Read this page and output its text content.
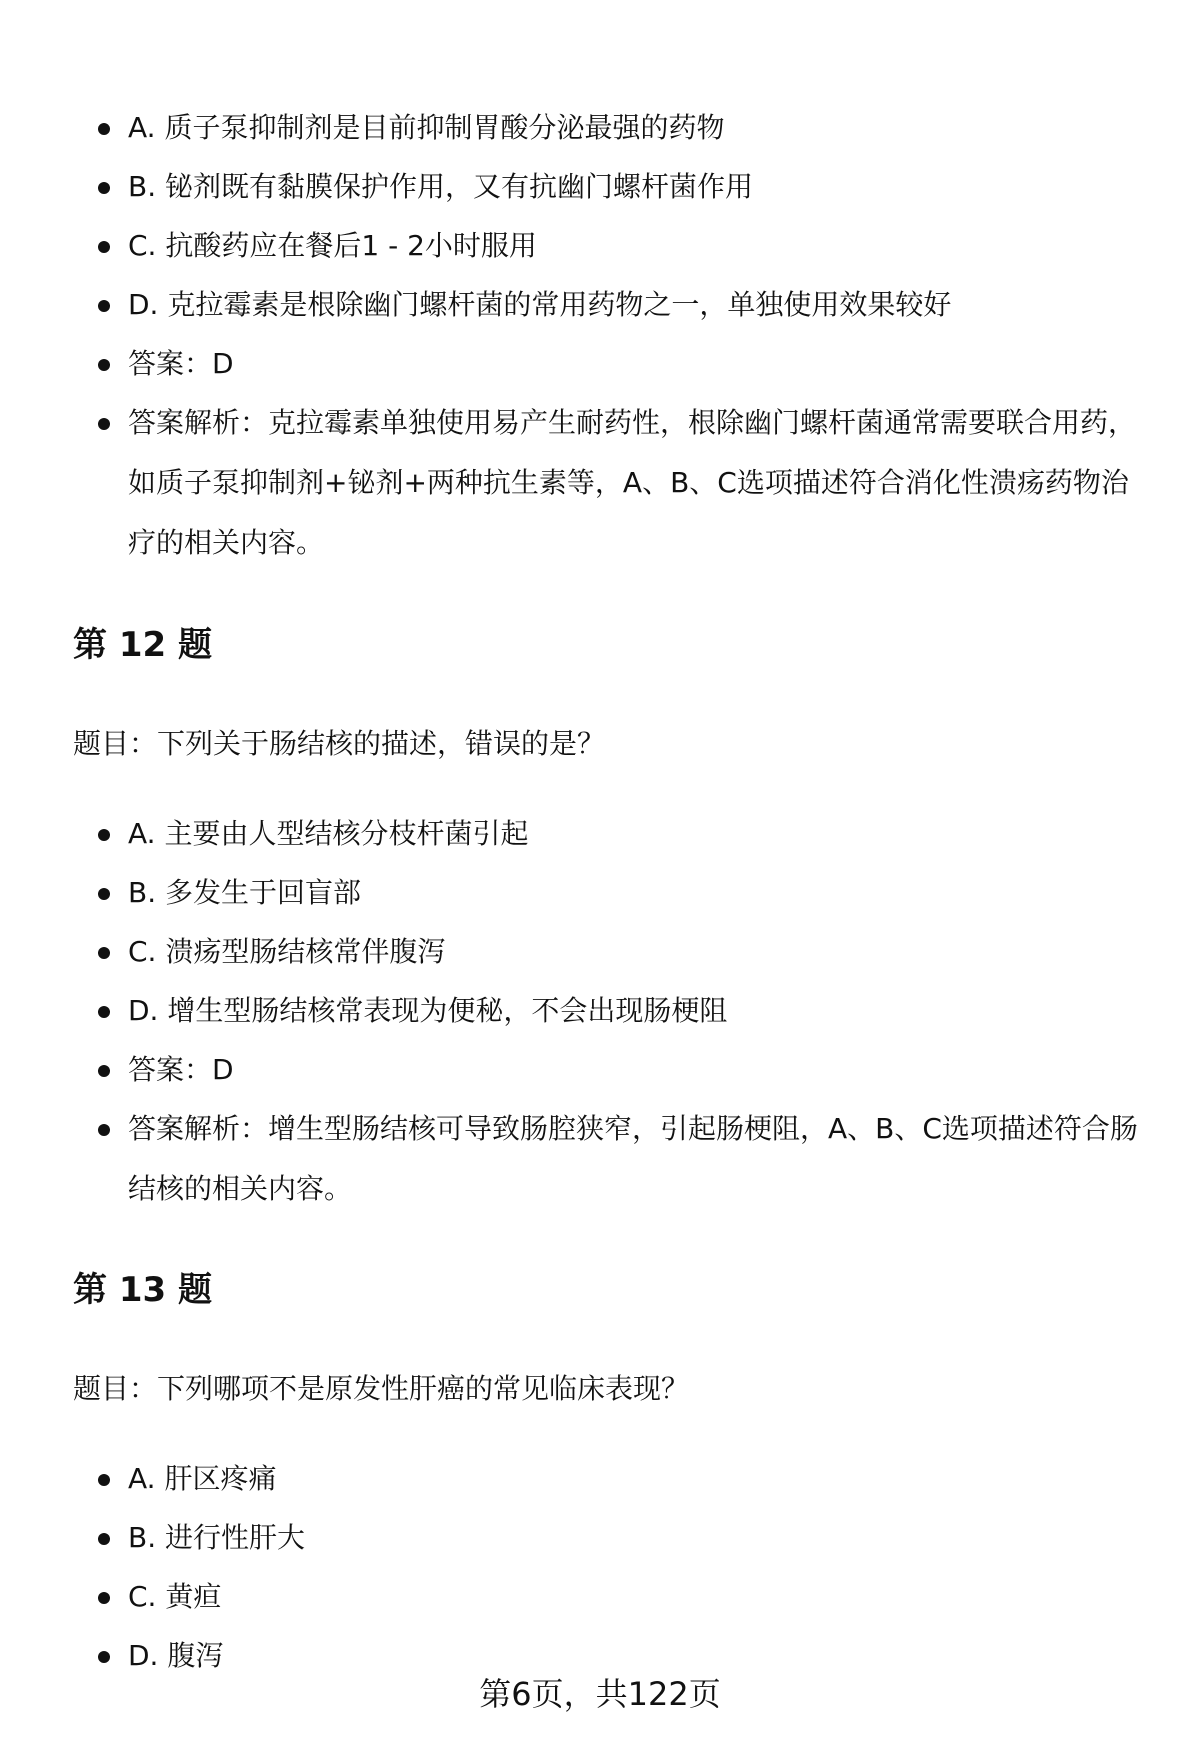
A. 质子泵抑制剂是目前抑制胃酸分泌最强的药物
B. 铋剂既有黏膜保护作用，又有抗幽门螺杆菌作用
C. 抗酸药应在餐后1 - 2小时服用
D. 克拉霉素是根除幽门螺杆菌的常用药物之一，单独使用效果较好
答案：D
答案解析：克拉霉素单独使用易产生耐药性，根除幽门螺杆菌通常需要联合用药，如质子泵抑制剂+铋剂+两种抗生素等，A、B、C选项描述符合消化性溃疡药物治疗的相关内容。
第 12 题

题目：下列关于肠结核的描述，错误的是？

A. 主要由人型结核分枝杆菌引起
B. 多发生于回盲部
C. 溃疡型肠结核常伴腹泻
D. 增生型肠结核常表现为便秘，不会出现肠梗阻
答案：D
答案解析：增生型肠结核可导致肠腔狭窄，引起肠梗阻，A、B、C选项描述符合肠结核的相关内容。
第 13 题

题目：下列哪项不是原发性肝癌的常见临床表现？

A. 肝区疼痛
B. 进行性肝大
C. 黄疸
D. 腹泻
第6页，共122页
